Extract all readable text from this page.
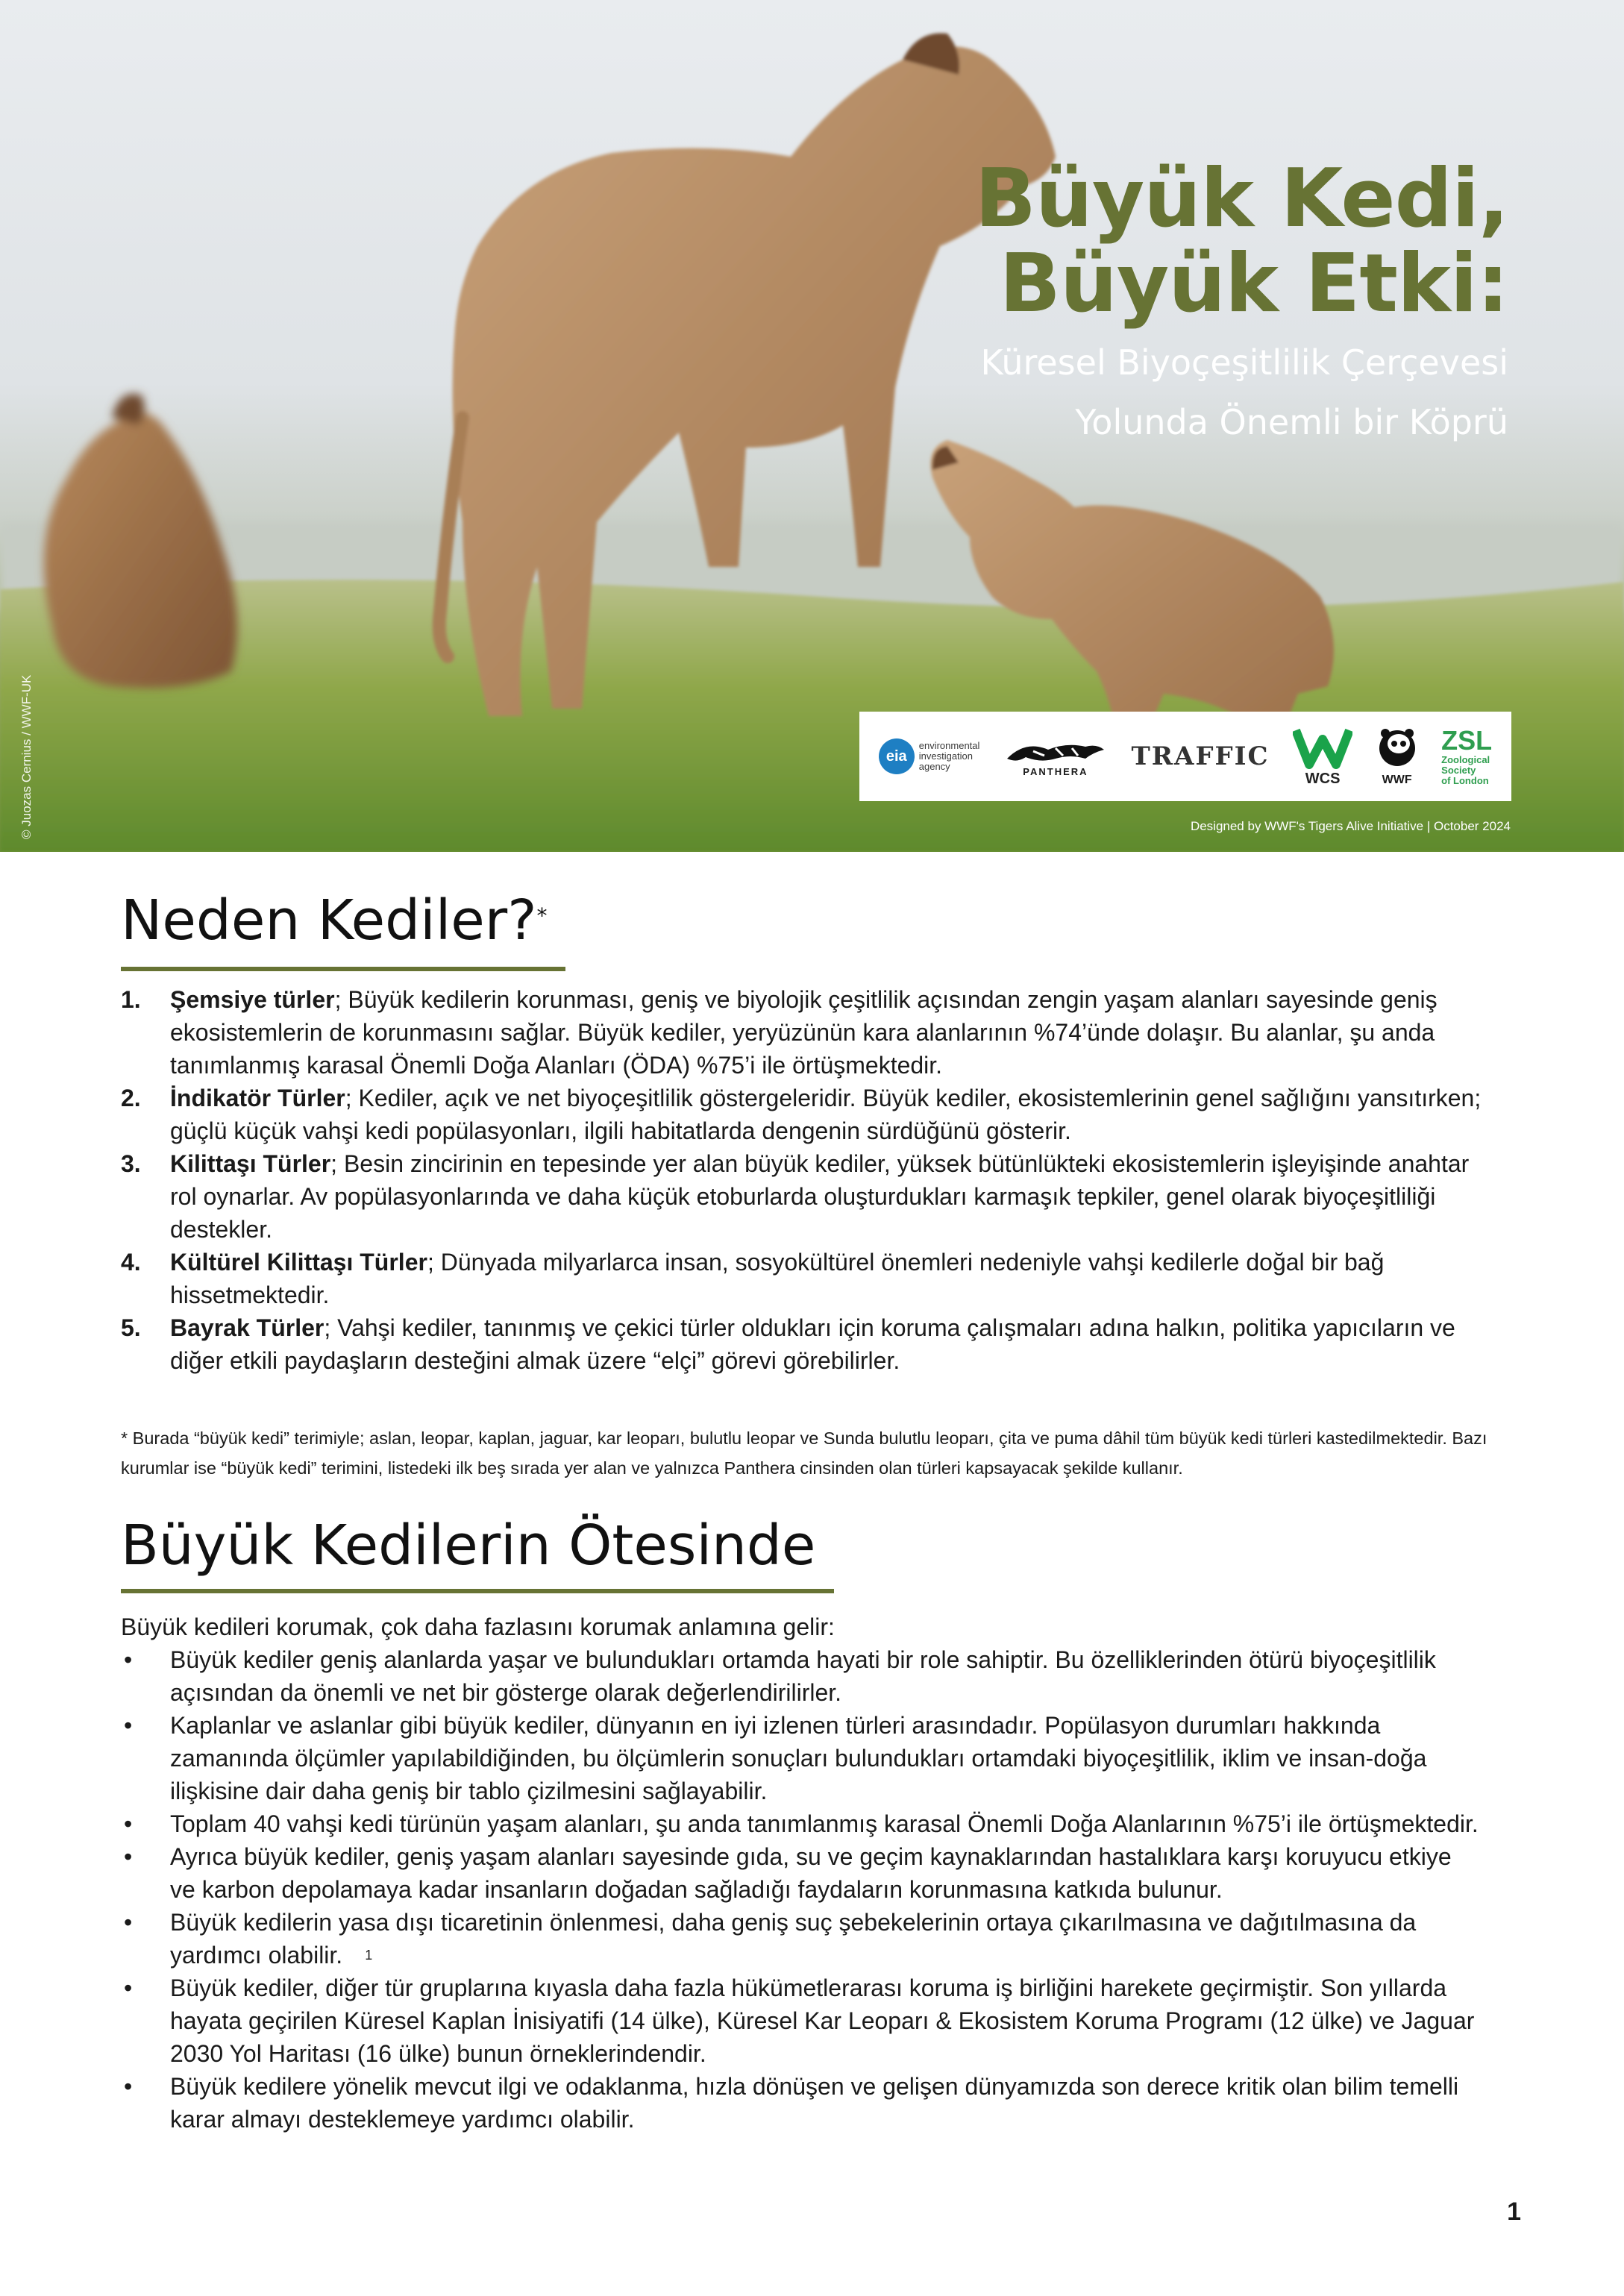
© Juozas Cernius / WWF-UK
Büyük Kedi,
Büyük Etki:
Küresel Biyoçeşitlilik Çerçevesi
Yolunda Önemli bir Köprü
eia
environmental
investigation
agency	PANTHERA TRAFFIC
WCS	WWF
ZSL
Zoological
Society
of London
Designed by WWF's Tigers Alive Initiative | October 2024
Neden Kediler?*
1. Şemsiye türler; Büyük kedilerin korunması, geniş ve biyolojik çeşitlilik açısından zengin yaşam alanları sayesinde geniş ekosistemlerin de korunmasını sağlar. Büyük kediler, yeryüzünün kara alanlarının %74’ünde dolaşır. Bu alanlar, şu anda tanımlanmış karasal Önemli Doğa Alanları (ÖDA) %75’i ile örtüşmektedir.
2. İndikatör Türler; Kediler, açık ve net biyoçeşitlilik göstergeleridir. Büyük kediler, ekosistemlerinin genel sağlığını yansıtırken; güçlü küçük vahşi kedi popülasyonları, ilgili habitatlarda dengenin sürdüğünü gösterir.
3. Kilittaşı Türler; Besin zincirinin en tepesinde yer alan büyük kediler, yüksek bütünlükteki ekosistemlerin işleyişinde anahtar rol oynarlar. Av popülasyonlarında ve daha küçük etoburlarda oluşturdukları karmaşık tepkiler, genel olarak biyoçeşitliliği destekler.
4. Kültürel Kilittaşı Türler; Dünyada milyarlarca insan, sosyokültürel önemleri nedeniyle vahşi kedilerle doğal bir bağ hissetmektedir.
5. Bayrak Türler; Vahşi kediler, tanınmış ve çekici türler oldukları için koruma çalışmaları adına halkın, politika yapıcıların ve diğer etkili paydaşların desteğini almak üzere “elçi” görevi görebilirler.
* Burada “büyük kedi” terimiyle; aslan, leopar, kaplan, jaguar, kar leoparı, bulutlu leopar ve Sunda bulutlu leoparı, çita ve puma dâhil tüm büyük kedi türleri kastedilmektedir. Bazı kurumlar ise “büyük kedi” terimini, listedeki ilk beş sırada yer alan ve yalnızca Panthera cinsinden olan türleri kapsayacak şekilde kullanır.
Büyük Kedilerin Ötesinde
Büyük kedileri korumak, çok daha fazlasını korumak anlamına gelir:
• Büyük kediler geniş alanlarda yaşar ve bulundukları ortamda hayati bir role sahiptir. Bu özelliklerinden ötürü biyoçeşitlilik açısından da önemli ve net bir gösterge olarak değerlendirilirler.
• Kaplanlar ve aslanlar gibi büyük kediler, dünyanın en iyi izlenen türleri arasındadır. Popülasyon durumları hakkında zamanında ölçümler yapılabildiğinden, bu ölçümlerin sonuçları bulundukları ortamdaki biyoçeşitlilik, iklim ve insan-doğa ilişkisine dair daha geniş bir tablo çizilmesini sağlayabilir.
• Toplam 40 vahşi kedi türünün yaşam alanları, şu anda tanımlanmış karasal Önemli Doğa Alanlarının %75’i ile örtüşmektedir.
• Ayrıca büyük kediler, geniş yaşam alanları sayesinde gıda, su ve geçim kaynaklarından hastalıklara karşı koruyucu etkiye ve karbon depolamaya kadar insanların doğadan sağladığı faydaların korunmasına katkıda bulunur.
• Büyük kedilerin yasa dışı ticaretinin önlenmesi, daha geniş suç şebekelerinin ortaya çıkarılmasına ve dağıtılmasına da yardımcı olabilir. $^1$
• Büyük kediler, diğer tür gruplarına kıyasla daha fazla hükümetlerarası koruma iş birliğini harekete geçirmiştir. Son yıllarda hayata geçirilen Küresel Kaplan İnisiyatifi (14 ülke), Küresel Kar Leoparı & Ekosistem Koruma Programı (12 ülke) ve Jaguar 2030 Yol Haritası (16 ülke) bunun örneklerindendir.
• Büyük kedilere yönelik mevcut ilgi ve odaklanma, hızla dönüşen ve gelişen dünyamızda son derece kritik olan bilim temelli karar almayı desteklemeye yardımcı olabilir.
1
